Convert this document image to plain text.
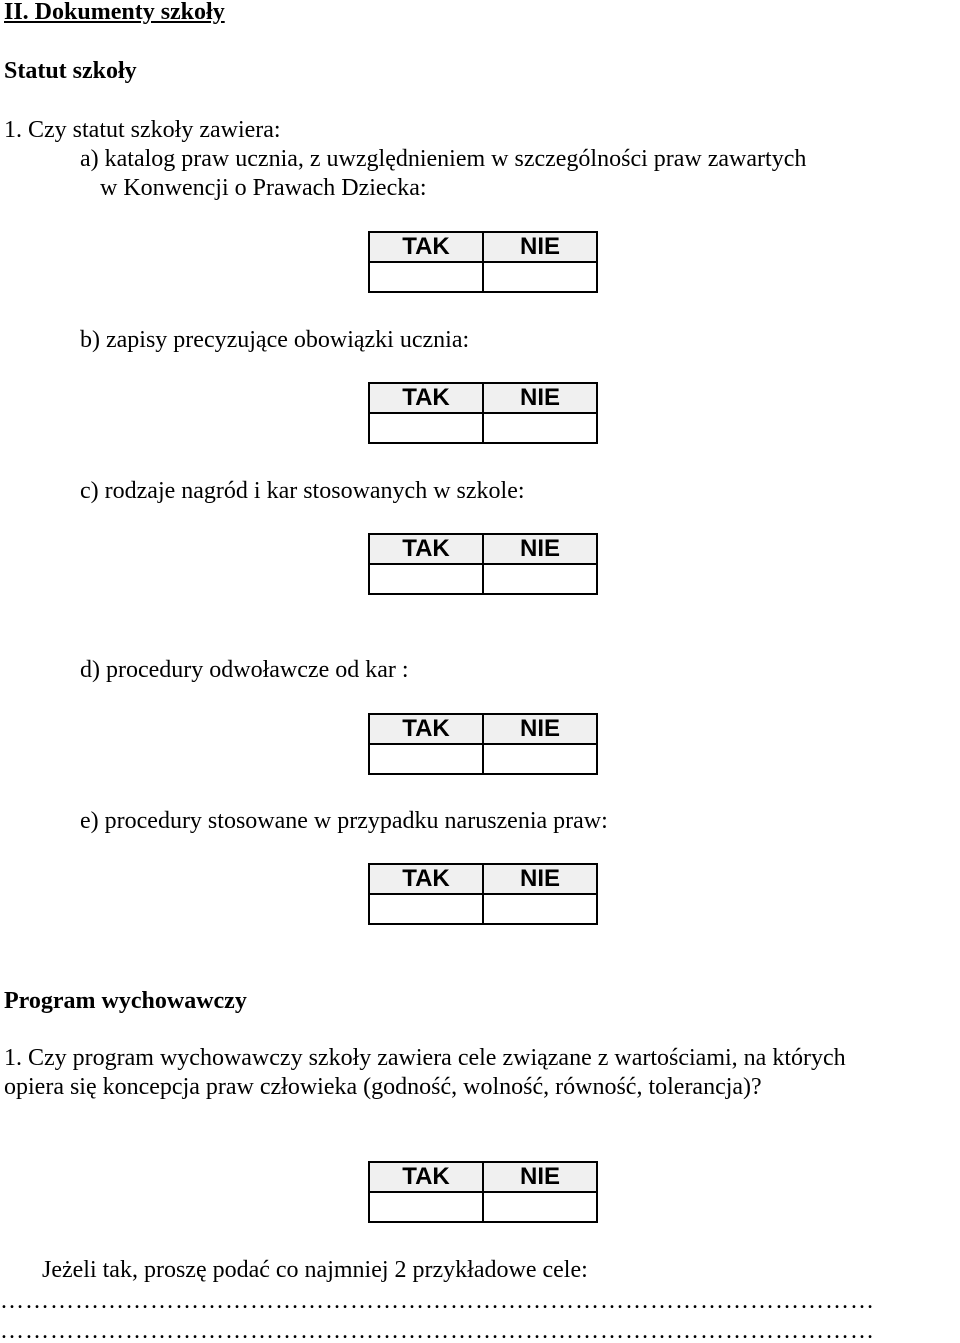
II. Dokumenty szkoły
Statut szkoły
1. Czy statut szkoły zawiera:
a) katalog praw ucznia, z uwzględnieniem w szczególności praw zawartych
w Konwencji o Prawach Dziecka:
TAK	NIE

b) zapisy precyzujące obowiązki ucznia:
TAK	NIE

c) rodzaje nagród i kar stosowanych w szkole:
TAK	NIE

d) procedury odwoławcze od kar :
TAK	NIE

e) procedury stosowane w przypadku naruszenia praw:
TAK	NIE

Program wychowawczy
1. Czy program wychowawczy szkoły zawiera cele związane z wartościami, na których
opiera się koncepcja praw człowieka (godność, wolność, równość, tolerancja)?
TAK	NIE

Jeżeli tak, proszę podać co najmniej 2 przykładowe cele:
……………………………………………………………………………………………
……………………………………………………………………………………………
